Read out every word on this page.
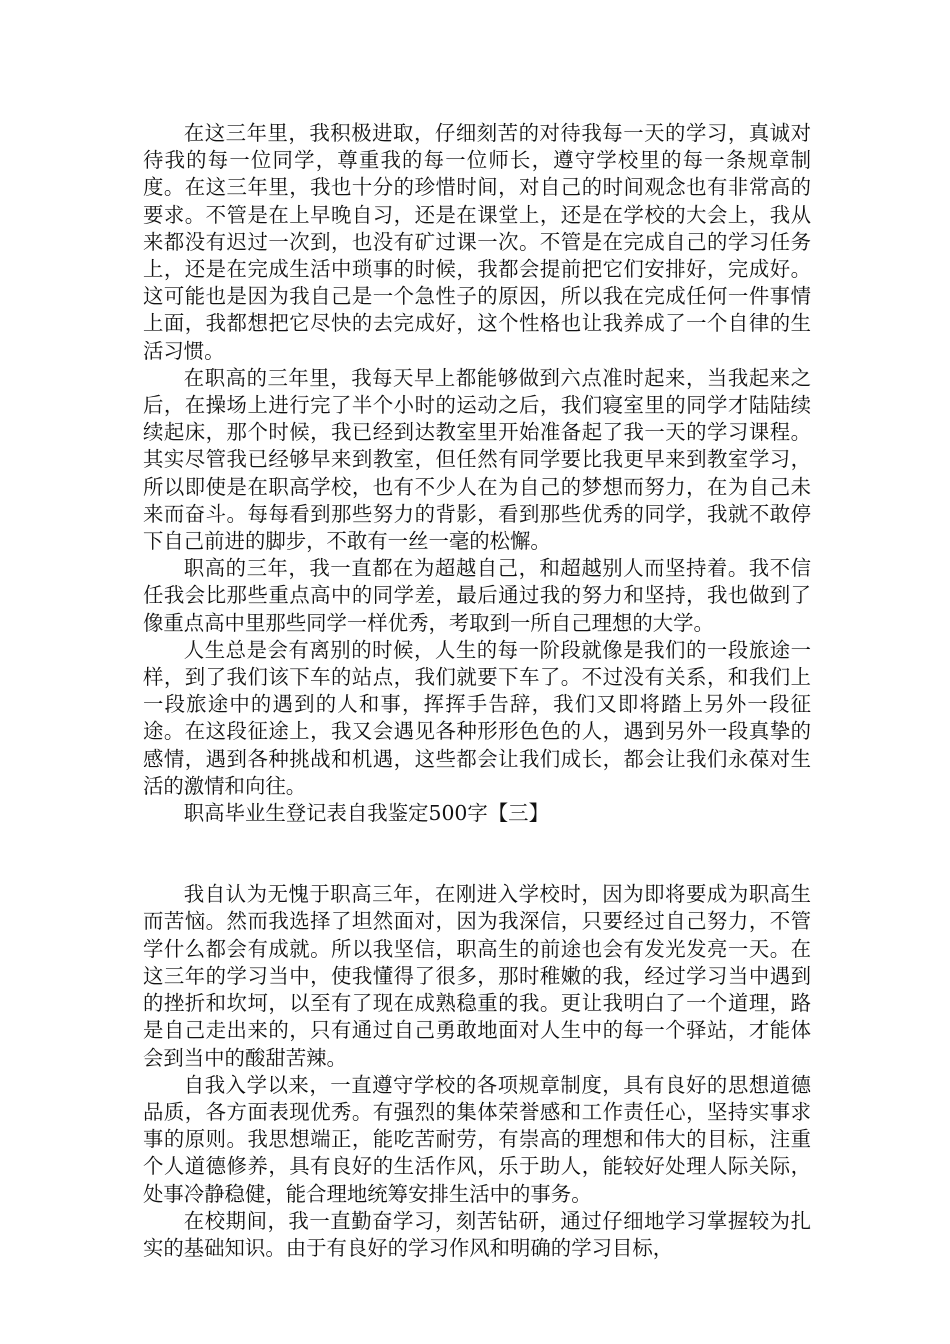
在这三年里，我积极进取，仔细刻苦的对待我每一天的学习，真诚对待我的每一位同学，尊重我的每一位师长，遵守学校里的每一条规章制度。在这三年里，我也十分的珍惜时间，对自己的时间观念也有非常高的要求。不管是在上早晚自习，还是在课堂上，还是在学校的大会上，我从来都没有迟过一次到，也没有矿过课一次。不管是在完成自己的学习任务上，还是在完成生活中琐事的时候，我都会提前把它们安排好，完成好。这可能也是因为我自己是一个急性子的原因，所以我在完成任何一件事情上面，我都想把它尽快的去完成好，这个性格也让我养成了一个自律的生活习惯。

在职高的三年里，我每天早上都能够做到六点准时起来，当我起来之后，在操场上进行完了半个小时的运动之后，我们寝室里的同学才陆陆续续起床，那个时候，我已经到达教室里开始准备起了我一天的学习课程。其实尽管我已经够早来到教室，但任然有同学要比我更早来到教室学习，所以即使是在职高学校，也有不少人在为自己的梦想而努力，在为自己未来而奋斗。每每看到那些努力的背影，看到那些优秀的同学，我就不敢停下自己前进的脚步，不敢有一丝一毫的松懈。

职高的三年，我一直都在为超越自己，和超越别人而坚持着。我不信任我会比那些重点高中的同学差，最后通过我的努力和坚持，我也做到了像重点高中里那些同学一样优秀，考取到一所自己理想的大学。

人生总是会有离别的时候，人生的每一阶段就像是我们的一段旅途一样，到了我们该下车的站点，我们就要下车了。不过没有关系，和我们上一段旅途中的遇到的人和事，挥挥手告辞，我们又即将踏上另外一段征途。在这段征途上，我又会遇见各种形形色色的人，遇到另外一段真挚的感情，遇到各种挑战和机遇，这些都会让我们成长，都会让我们永葆对生活的激情和向往。

职高毕业生登记表自我鉴定500字【三】

我自认为无愧于职高三年，在刚进入学校时，因为即将要成为职高生而苦恼。然而我选择了坦然面对，因为我深信，只要经过自己努力，不管学什么都会有成就。所以我坚信，职高生的前途也会有发光发亮一天。在这三年的学习当中，使我懂得了很多，那时稚嫩的我，经过学习当中遇到的挫折和坎坷，以至有了现在成熟稳重的我。更让我明白了一个道理，路是自己走出来的，只有通过自己勇敢地面对人生中的每一个驿站，才能体会到当中的酸甜苦辣。

自我入学以来，一直遵守学校的各项规章制度，具有良好的思想道德品质，各方面表现优秀。有强烈的集体荣誉感和工作责任心，坚持实事求事的原则。我思想端正，能吃苦耐劳，有崇高的理想和伟大的目标，注重个人道德修养，具有良好的生活作风，乐于助人，能较好处理人际关际，处事冷静稳健，能合理地统筹安排生活中的事务。

在校期间，我一直勤奋学习，刻苦钻研，通过仔细地学习掌握较为扎实的基础知识。由于有良好的学习作风和明确的学习目标，
